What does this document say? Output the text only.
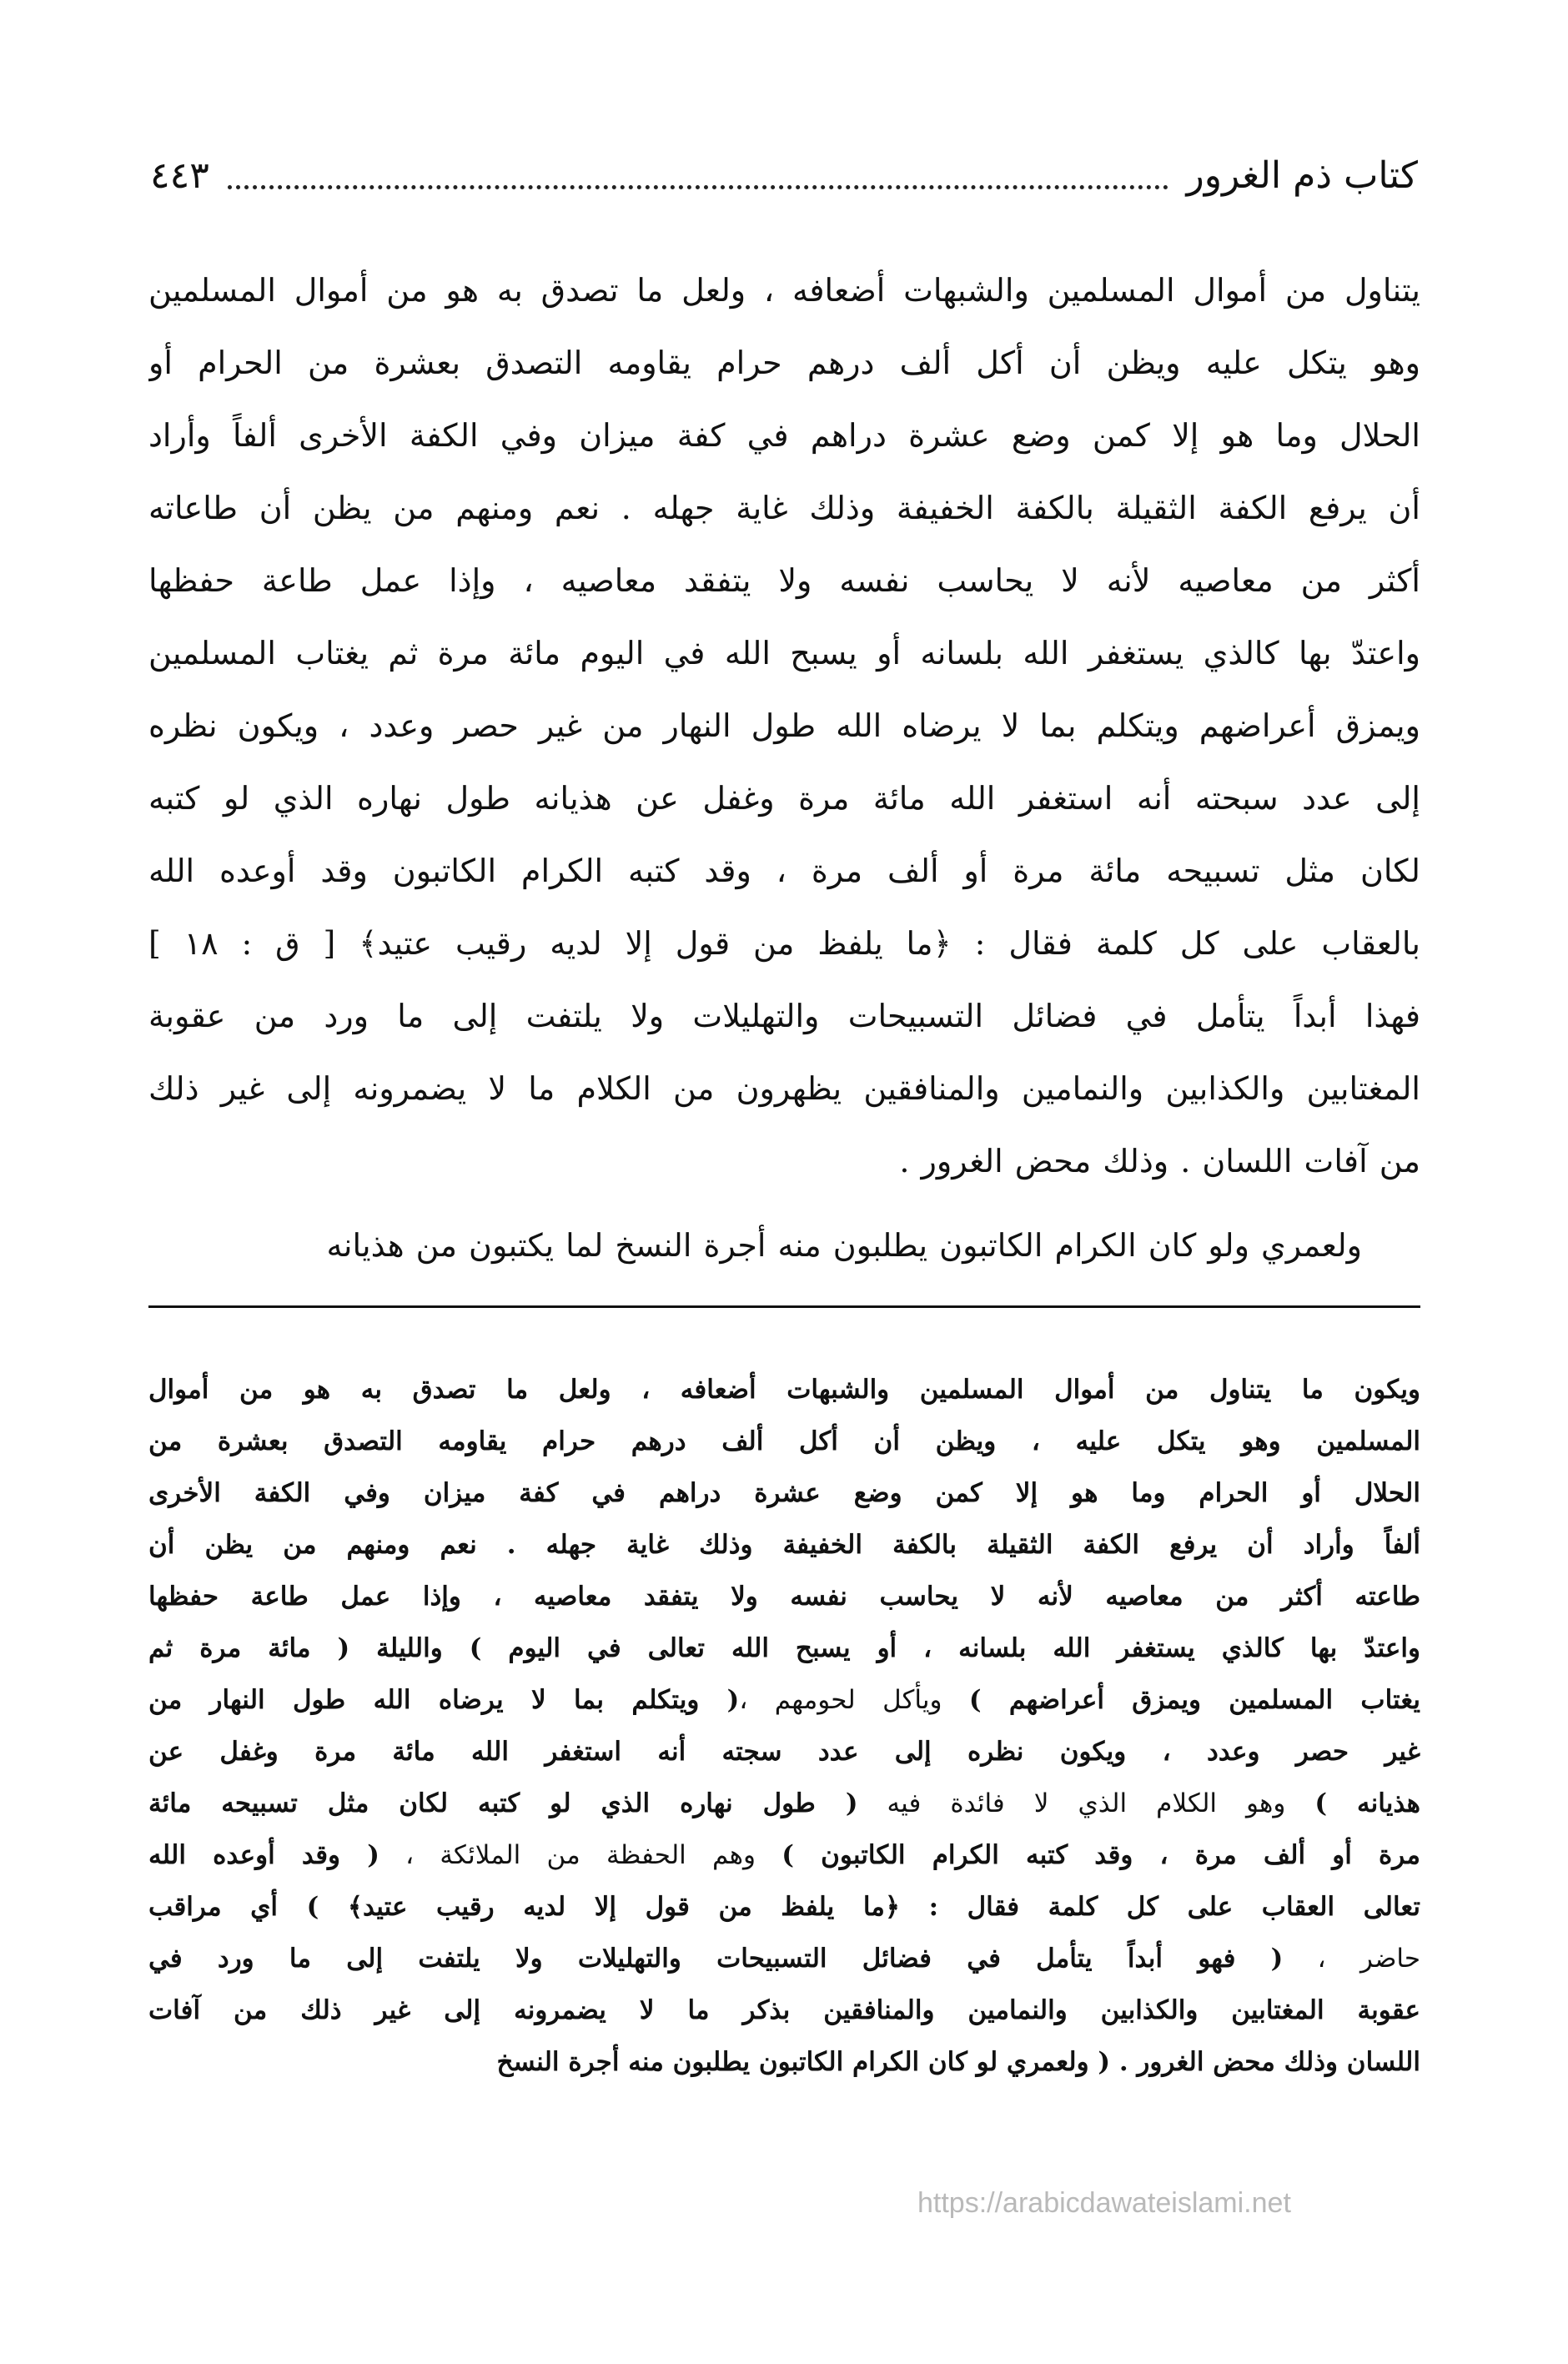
كتاب ذم الغرور
٤٤٣
يتناول من أموال المسلمين والشبهات أضعافه ، ولعل ما تصدق به هو من أموال المسلمين
وهو يتكل عليه ويظن أن أكل ألف درهم حرام يقاومه التصدق بعشرة من الحرام أو
الحلال وما هو إلا كمن وضع عشرة دراهم في كفة ميزان وفي الكفة الأخرى ألفاً وأراد
أن يرفع الكفة الثقيلة بالكفة الخفيفة وذلك غاية جهله . نعم ومنهم من يظن أن طاعاته
أكثر من معاصيه لأنه لا يحاسب نفسه ولا يتفقد معاصيه ، وإذا عمل طاعة حفظها
واعتدّ بها كالذي يستغفر الله بلسانه أو يسبح الله في اليوم مائة مرة ثم يغتاب المسلمين
ويمزق أعراضهم ويتكلم بما لا يرضاه الله طول النهار من غير حصر وعدد ، ويكون نظره
إلى عدد سبحته أنه استغفر الله مائة مرة وغفل عن هذيانه طول نهاره الذي لو كتبه
لكان مثل تسبيحه مائة مرة أو ألف مرة ، وقد كتبه الكرام الكاتبون وقد أوعده الله
بالعقاب على كل كلمة فقال : ﴿ما يلفظ من قول إلا لديه رقيب عتيد﴾ [ ق : ١٨ ]
فهذا أبداً يتأمل في فضائل التسبيحات والتهليلات ولا يلتفت إلى ما ورد من عقوبة
المغتابين والكذابين والنمامين والمنافقين يظهرون من الكلام ما لا يضمرونه إلى غير ذلك
من آفات اللسان . وذلك محض الغرور .
ولعمري ولو كان الكرام الكاتبون يطلبون منه أجرة النسخ لما يكتبون من هذيانه
ويكون ما يتناول من أموال المسلمين والشبهات أضعافه ، ولعل ما تصدق به هو من أموال
المسلمين وهو يتكل عليه ، ويظن أن أكل ألف درهم حرام يقاومه التصدق بعشرة من
الحلال أو الحرام وما هو إلا كمن وضع عشرة دراهم في كفة ميزان وفي الكفة الأخرى
ألفاً وأراد أن يرفع الكفة الثقيلة بالكفة الخفيفة وذلك غاية جهله . نعم ومنهم من يظن أن
طاعته أكثر من معاصيه لأنه لا يحاسب نفسه ولا يتفقد معاصيه ، وإذا عمل طاعة حفظها
واعتدّ بها كالذي يستغفر الله بلسانه ، أو يسبح الله تعالى في اليوم ) والليلة ( مائة مرة ثم
يغتاب المسلمين ويمزق أعراضهم ) ويأكل لحومهم ،( ويتكلم بما لا يرضاه الله طول النهار من
غير حصر وعدد ، ويكون نظره إلى عدد سجته أنه استغفر الله مائة مرة وغفل عن
هذيانه ) وهو الكلام الذي لا فائدة فيه ( طول نهاره الذي لو كتبه لكان مثل تسبيحه مائة
مرة أو ألف مرة ، وقد كتبه الكرام الكاتبون ) وهم الحفظة من الملائكة ، ( وقد أوعده الله
تعالى العقاب على كل كلمة فقال : ﴿ما يلفظ من قول إلا لديه رقيب عتيد﴾ ) أي مراقب
حاضر ، ( فهو أبداً يتأمل في فضائل التسبيحات والتهليلات ولا يلتفت إلى ما ورد في
عقوبة المغتابين والكذابين والنمامين والمنافقين بذكر ما لا يضمرونه إلى غير ذلك من آفات
اللسان وذلك محض الغرور . ( ولعمري لو كان الكرام الكاتبون يطلبون منه أجرة النسخ
https://arabicdawateislami.net
